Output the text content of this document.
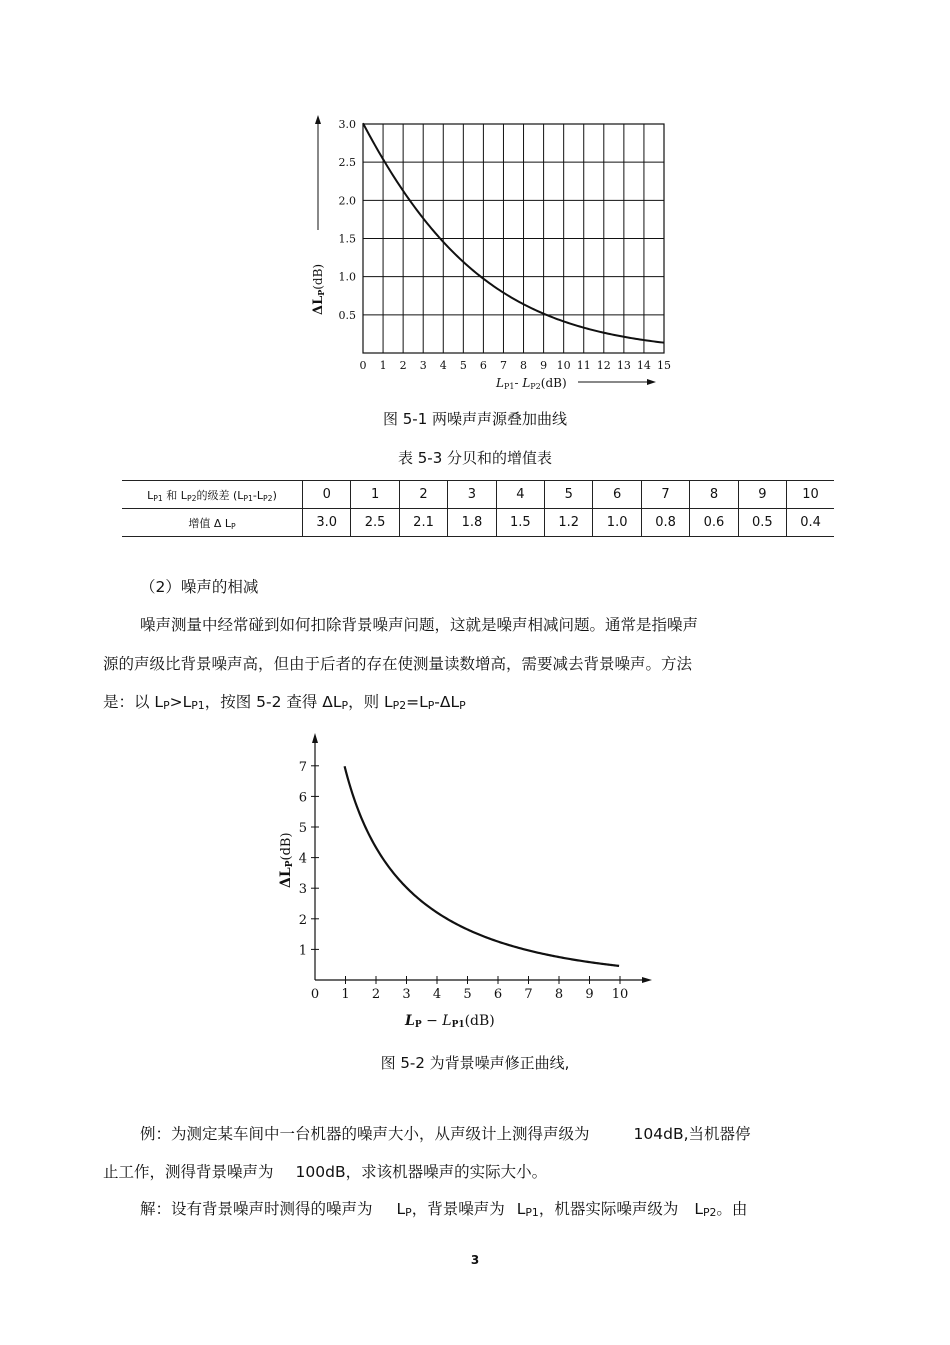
0 1 2 3 4 5 6 7 8 9 10 11 12 13 14 15
0.5
1.0
1.5
2.0
2.5
3.0
ΔLP(dB)
LP1- LP2(dB)
图 5-1 两噪声声源叠加曲线
表 5-3 分贝和的增值表
$L_{P1}$ 和 $L_{P2}$的级差 $(L_{P1}-L_{P2})$	0	1	2	3	4	5	6	7	8	9	10
增值 Δ $L_P$	3.0	2.5	2.1	1.8	1.5	1.2	1.0	0.8	0.6	0.5	0.4
（2）噪声的相减
噪声测量中经常碰到如何扣除背景噪声问题，这就是噪声相减问题。通常是指噪声
源的声级比背景噪声高，但由于后者的存在使测量读数增高，需要减去背景噪声。方法
是：以 $L_P>L_{P1}$，按图 5-2 查得 $\Delta L_P$，则 $L_{P2}=L_P-\Delta L_P$
1
2
3
4
5
6
7
0 1 2 3 4 5 6 7 8 9 10
ΔLP(dB)
LP − LP1(dB)
图 5-2 为背景噪声修正曲线,
例：为测定某车间中一台机器的噪声大小，从声级计上测得声级为	104dB,当机器停
止工作，测得背景噪声为 100dB，求该机器噪声的实际大小。
解：设有背景噪声时测得的噪声为 $L_P$，背景噪声为 $L_{P1}$，机器实际噪声级为 $L_{P2}$。由
3
